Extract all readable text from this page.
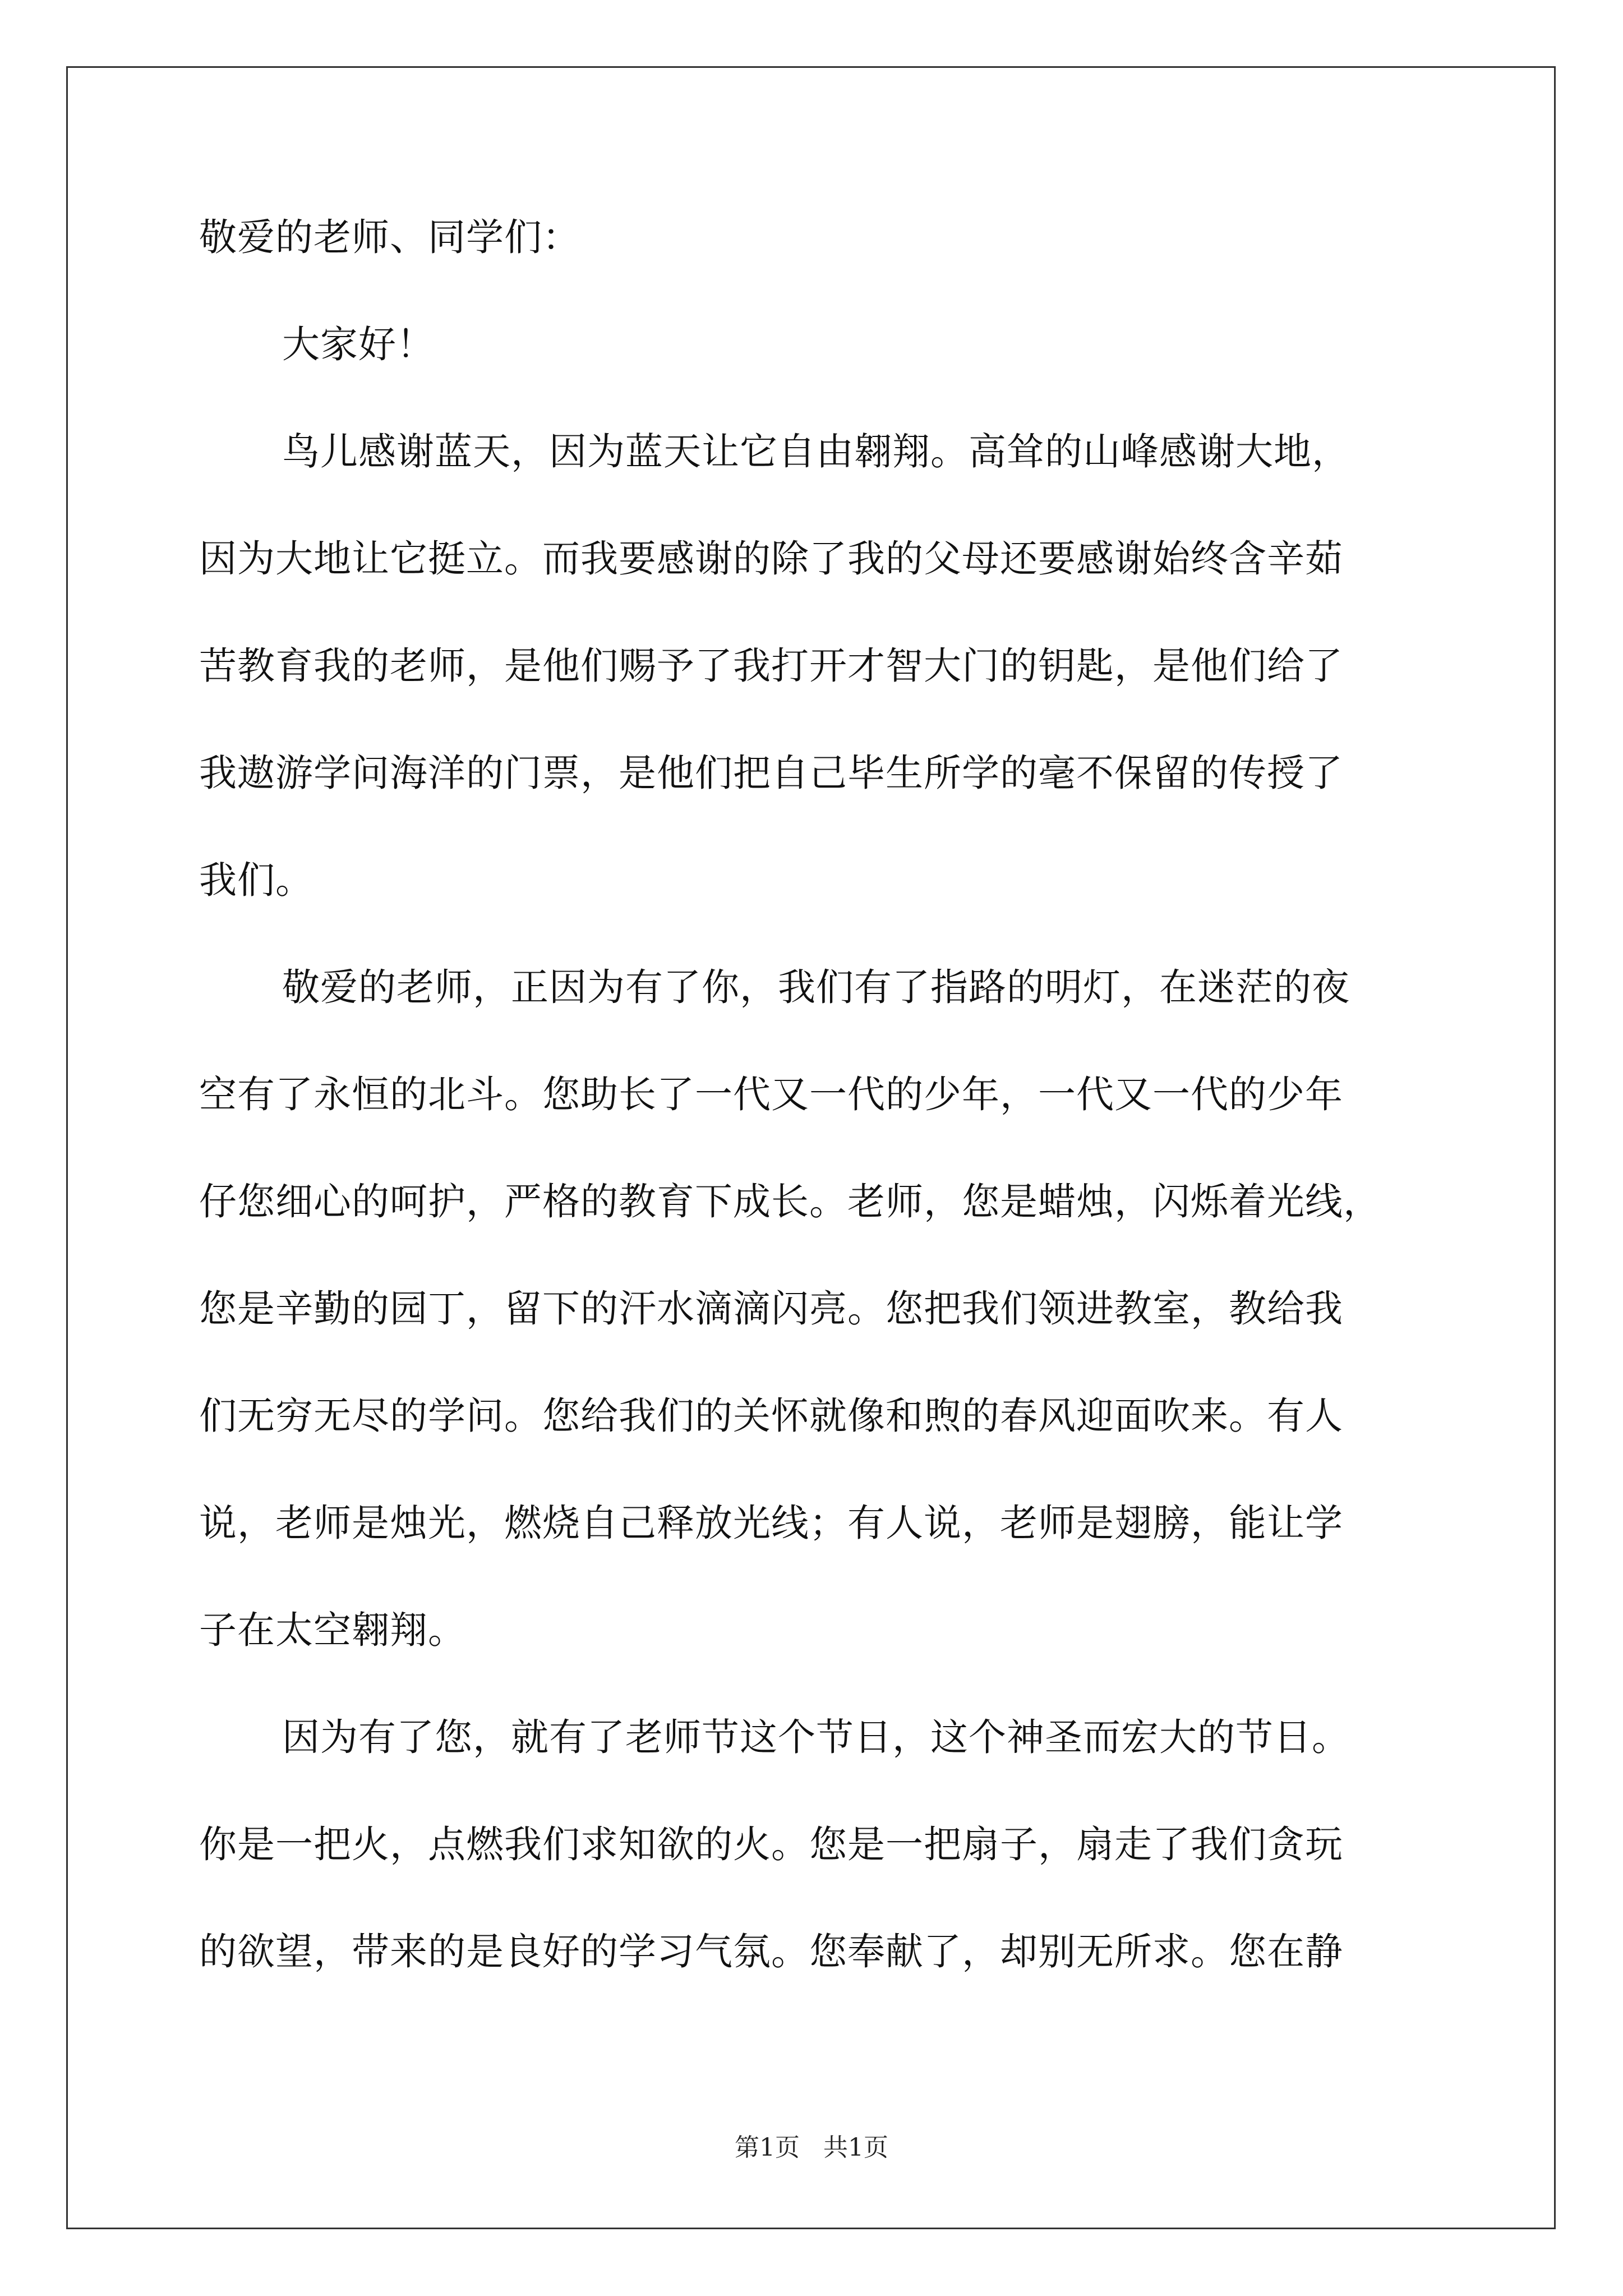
敬爱的老师、同学们：
大家好！
鸟儿感谢蓝天，因为蓝天让它自由翱翔。高耸的山峰感谢大地，
因为大地让它挺立。而我要感谢的除了我的父母还要感谢始终含辛茹
苦教育我的老师，是他们赐予了我打开才智大门的钥匙，是他们给了
我遨游学问海洋的门票，是他们把自己毕生所学的毫不保留的传授了
我们。
敬爱的老师，正因为有了你，我们有了指路的明灯，在迷茫的夜
空有了永恒的北斗。您助长了一代又一代的少年，一代又一代的少年
仔您细心的呵护，严格的教育下成长。老师，您是蜡烛，闪烁着光线，
您是辛勤的园丁，留下的汗水滴滴闪亮。您把我们领进教室，教给我
们无穷无尽的学问。您给我们的关怀就像和煦的春风迎面吹来。有人
说，老师是烛光，燃烧自己释放光线；有人说，老师是翅膀，能让学
子在太空翱翔。
因为有了您，就有了老师节这个节日，这个神圣而宏大的节日。
你是一把火，点燃我们求知欲的火。您是一把扇子，扇走了我们贪玩
的欲望，带来的是良好的学习气氛。您奉献了，却别无所求。您在静
第1页   共1页
